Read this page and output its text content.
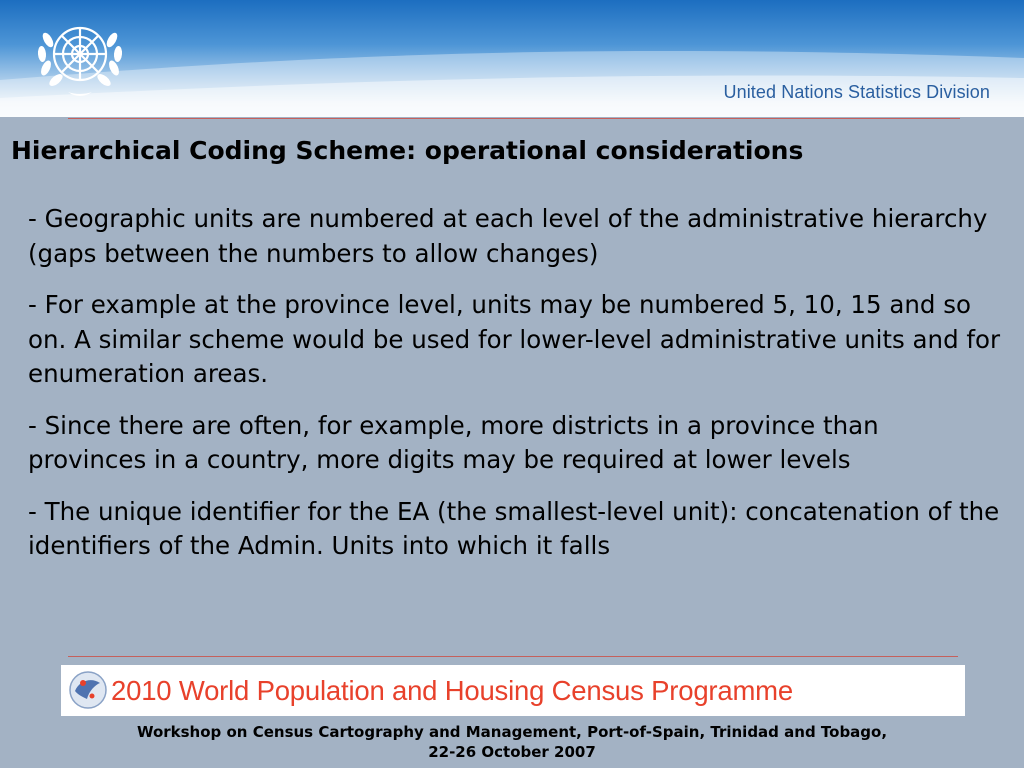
United Nations Statistics Division
Hierarchical Coding Scheme: operational considerations
- Geographic units are numbered at each level of the administrative hierarchy (gaps between the numbers to allow changes)
- For example at the province level, units may be numbered 5, 10, 15 and so on. A similar scheme would be used for lower-level administrative units and for enumeration areas.
- Since there are often, for example, more districts in a province than provinces in a country, more digits may be required at lower levels
- The unique identifier for the EA (the smallest-level unit): concatenation of the identifiers of the Admin. Units into which it falls
2010 World Population and Housing Census Programme
Workshop on Census Cartography and Management, Port-of-Spain, Trinidad and Tobago,
22-26 October 2007
